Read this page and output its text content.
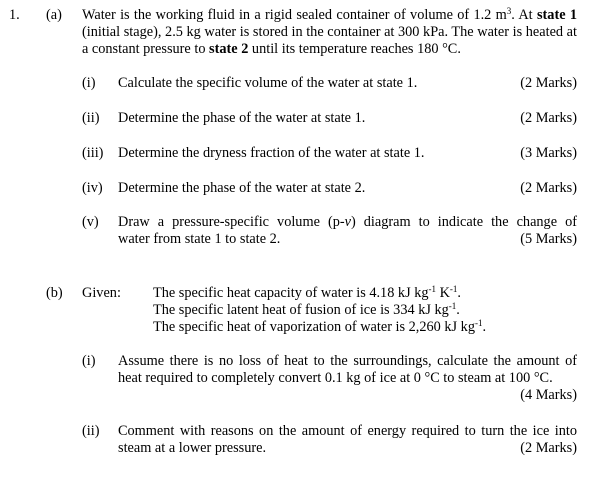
1. (a) Water is the working fluid in a rigid sealed container of volume of 1.2 $m^3$. At state 1 (initial stage), 2.5 kg water is stored in the container at 300 kPa. The water is heated at a constant pressure to state 2 until its temperature reaches 180 °C.
(i) Calculate the specific volume of the water at state 1.	(2 Marks)
(ii) Determine the phase of the water at state 1.	(2 Marks)
(iii) Determine the dryness fraction of the water at state 1.	(3 Marks)
(iv) Determine the phase of the water at state 2.	(2 Marks)
(v) Draw a pressure-specific volume (p-v) diagram to indicate the change of
water from state 1 to state 2.	(5 Marks)
(b) Given: The specific heat capacity of water is 4.18 kJ $kg^{-1}$ $K^{-1}$.
The specific latent heat of fusion of ice is 334 kJ $kg^{-1}$.
The specific heat of vaporization of water is 2,260 kJ $kg^{-1}$.
(i) Assume there is no loss of heat to the surroundings, calculate the amount of heat required to completely convert 0.1 kg of ice at 0 °C to steam at 100 °C.
(4 Marks)
(ii) Comment with reasons on the amount of energy required to turn the ice into
steam at a lower pressure.	(2 Marks)
